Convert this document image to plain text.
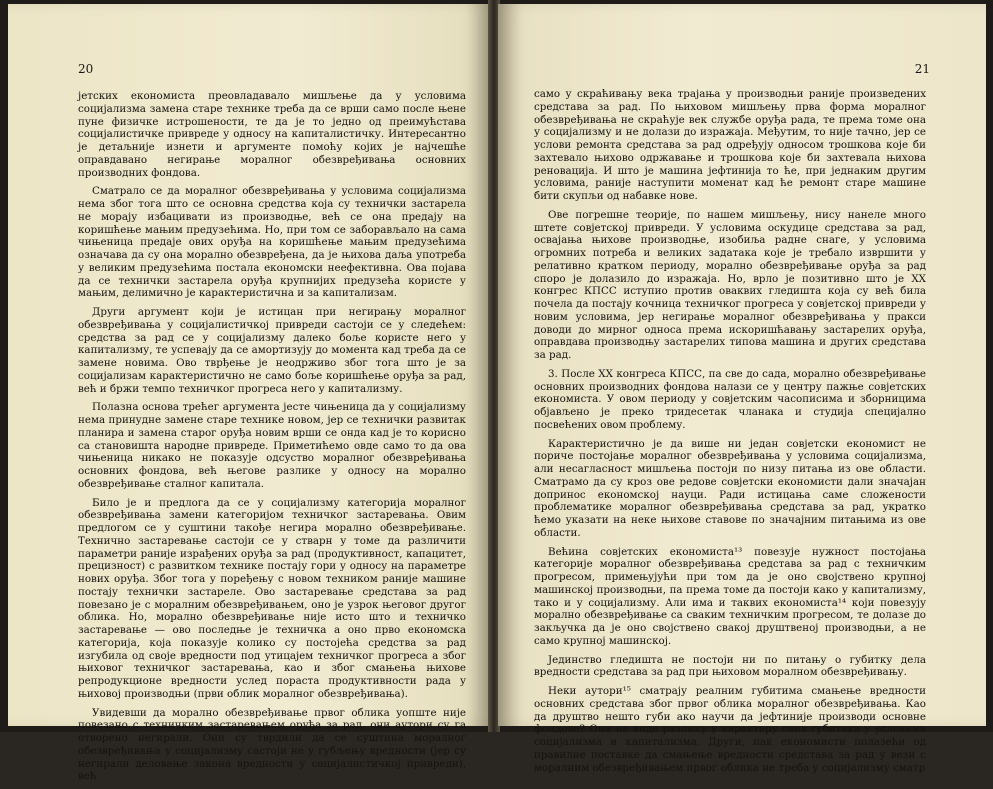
20

јетских економиста преовладавало мишљење да у условима социјализма замена старе технике треба да се врши само после њене пуне физичке истрошености, те да је то једно од преимућстава социјалистичке привреде у односу на капиталистичку. Интересантно је детаљније изнети и аргументе помоћу којих је најчешће оправдавано негирање моралног обезвређивања основних производних фондова.

Сматрало се да моралног обезвређивања у условима социјализма нема због тога што се основна средства која су технички застарела не морају избацивати из производње, већ се она предају на коришћење мањим предузећима. Но, при том се заборављало на сама чињеница предаје ових оруђа на коришћење мањим предузећима означава да су она морално обезвређена, да је њихова даља употреба у великим предузећима постала економски неефективна. Ова појава да се технички застарела оруђа крупнијих предузећа користе у мањим, делимично је карактеристична и за капитализам.

Други аргумент који је истицан при негирању моралног обезвређивања у социјалистичкој привреди састоји се у следећем: средства за рад се у социјализму далеко боље користе него у капитализму, те успевају да се амортизују до момента кад треба да се замене новима. Ово тврђење је неодрживо због тога што је за социјализам карактеристично не само боље коришћење оруђа за рад, већ и бржи темпо техничког прогреса него у капитализму.

Полазна основа трећег аргумента јесте чињеница да у социјализму нема принудне замене старе технике новом, јер се технички развитак планира и замена старог оруђа новим врши се онда кад је то корисно са становишта народне привреде. Приметићемо овде само то да ова чињеница никако не показује одсуство моралног обезвређивања основних фондова, већ његове разлике у односу на морално обезвређивање сталног капитала.

Било је и предлога да се у социјализму категорија моралног обезвређивања замени категоријом техничког застаревања. Овим предлогом се у суштини такође негира морално обезвређивање. Технично застаревање састоји се у стварн у томе да различити параметри ранијe израђених оруђа за рад (продуктивност, капацитет, прецизност) с развитком технике постају гори у односу на параметре нових оруђа. Због тога у поређењу с новом техником раније машине постају технички застареле. Ово застаревање средстава за рад повезано је с моралним обезвређивањем, оно је узрок његовог другог облика. Но, морално обезвређивање није исто што и техничко застаревање — ово последње је техничка а оно прво економска категорија, која показује колико су постојећа средства за рад изгубила од своје вредности под утицајем техничког прогреса а због њиховог техничког застаревања, као и због смањења њихове репродукционе вредности услед пораста продуктивности рада у њиховој производњи (први облик моралног обезвређивања).

Увидевши да морално обезвређивање првог облика уопште није повезано с техничким застаревањем оруђа за рад, они аутори су га отворено негирали. Они су тврдили да се суштина моралног обезвређивања у социјализму састоји не у губљењу вредности (јер су негирали деловање закона вредности у социјалистичкој привреди), већ

21

само у скраћивању века трајања у производњи раније произведених средстава за рад. По њиховом мишљењу прва форма моралног обезвређивања не скраћује век службе оруђа рада, те према томе она у социјализму и не долази до изражаја. Међутим, то није тачно, јер се услови ремонта средстава за рад одређују односом трошкова које би захтевало њихово одржавање и трошкова које би захтевала њихова реновација. И што је машина јефтинија то ће, при једнаким другим условима, раније наступити моменат кад ће ремонт старе машине бити скупљи од набавке нове.

Ове погрешне теорије, по нашем мишљењу, нису нанеле много штете совјетској привреди. У условима оскудице средстава за рад, освајања њихове производње, изобиља радне снаге, у условима огромних потреба и великих задатака које је требало извршити у релативно кратком периоду, морално обезвређивање оруђа за рад споро је долазило до изражаја. Но, врло је позитивно што је XX конгрес КПСС иступио против оваквих гледишта која су већ била почела да постају кочница техничког прогреса у совјетској привреди у новим условима, јер негирање моралног обезвређивања у пракси доводи до мирног односа према искоришћавању застарелих оруђа, оправдава производњу застарелих типова машина и других средстава за рад.

3. После XX конгреса КПСС, па све до сада, морално обезвређивање основних производних фондова налази се у центру пажње совјетских економиста. У овом периоду у совјетским часописима и зборницима објављено је преко тридесетак чланака и студија специјално посвећених овом проблему.

Карактеристично је да више ни један совјетски економист не пориче постојање моралног обезвређивања у условима социјализма, али несагласност мишљења постоји по низу питања из ове области. Сматрамо да су кроз ове редове совјетски економисти дали значајан допринос економској науци. Ради истицања саме сложености проблематике моралног обезвређивања средстава за рад, укратко ћемо указати на неке њихове ставове по значајним питањима из ове области.

Већина совјетских економиста¹³ повезује нужност постојања категорије моралног обезвређивања средстава за рад с техничким прогресом, примењујући при том да је оно својствено крупној машинској производњи, па према томе да постоји како у капитализму, тако и у социјализму. Али има и таквих економиста¹⁴ који повезују морално обезвређивање са сваким техничким прогресом, те долазе до закључка да је оно својствено свакој друштвеној производњи, а не само крупној машинској.

Јединство гледишта не постоји ни по питању о губитку дела вредности средстава за рад при њиховом моралном обезвређивању.

Неки аутори¹⁵ сматрају реалним губитима смањење вредности основних средстава због првог облика моралног обезвређивања. Као да друштво нешто губи ако научи да јефтиније производи основне фондове? Они не виде разлику у карактеру ових губитака у условима социјализма и капитализма. Други, пак економисти полазећи од правилне поставке да смањење вредности средстава за рад у вези с моралним обезвређивањем првог облика не треба у социјализму сматр
